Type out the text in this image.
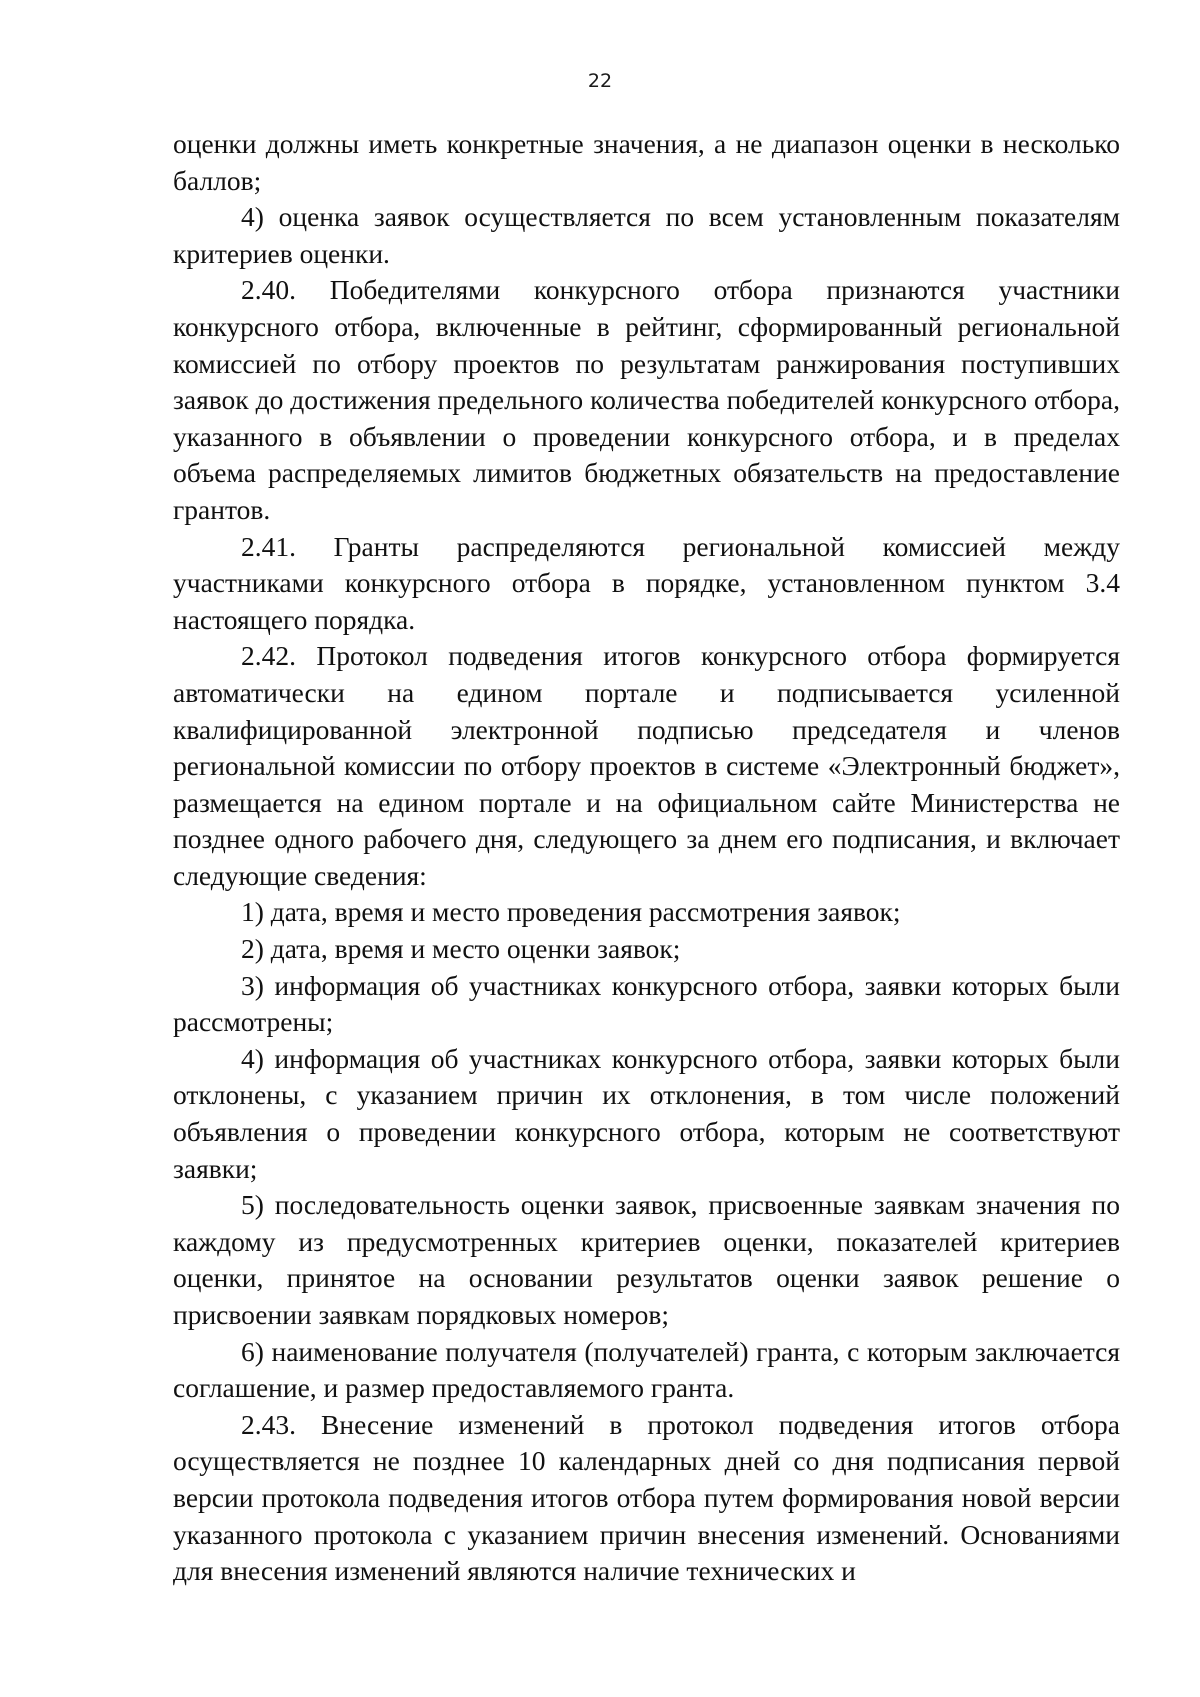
22

оценки должны иметь конкретные значения, а не диапазон оценки в несколько баллов;

4) оценка заявок осуществляется по всем установленным показателям критериев оценки.

2.40. Победителями конкурсного отбора признаются участники конкурсного отбора, включенные в рейтинг, сформированный региональной комиссией по отбору проектов по результатам ранжирования поступивших заявок до достижения предельного количества победителей конкурсного отбора, указанного в объявлении о проведении конкурсного отбора, и в пределах объема распределяемых лимитов бюджетных обязательств на предоставление грантов.

2.41. Гранты распределяются региональной комиссией между участниками конкурсного отбора в порядке, установленном пунктом 3.4 настоящего порядка.

2.42. Протокол подведения итогов конкурсного отбора формируется автоматически на едином портале и подписывается усиленной квалифицированной электронной подписью председателя и членов региональной комиссии по отбору проектов в системе «Электронный бюджет», размещается на едином портале и на официальном сайте Министерства не позднее одного рабочего дня, следующего за днем его подписания, и включает следующие сведения:

1) дата, время и место проведения рассмотрения заявок;

2) дата, время и место оценки заявок;

3) информация об участниках конкурсного отбора, заявки которых были рассмотрены;

4) информация об участниках конкурсного отбора, заявки которых были отклонены, с указанием причин их отклонения, в том числе положений объявления о проведении конкурсного отбора, которым не соответствуют заявки;

5) последовательность оценки заявок, присвоенные заявкам значения по каждому из предусмотренных критериев оценки, показателей критериев оценки, принятое на основании результатов оценки заявок решение о присвоении заявкам порядковых номеров;

6) наименование получателя (получателей) гранта, с которым заключается соглашение, и размер предоставляемого гранта.

2.43. Внесение изменений в протокол подведения итогов отбора осуществляется не позднее 10 календарных дней со дня подписания первой версии протокола подведения итогов отбора путем формирования новой версии указанного протокола с указанием причин внесения изменений. Основаниями для внесения изменений являются наличие технических и
